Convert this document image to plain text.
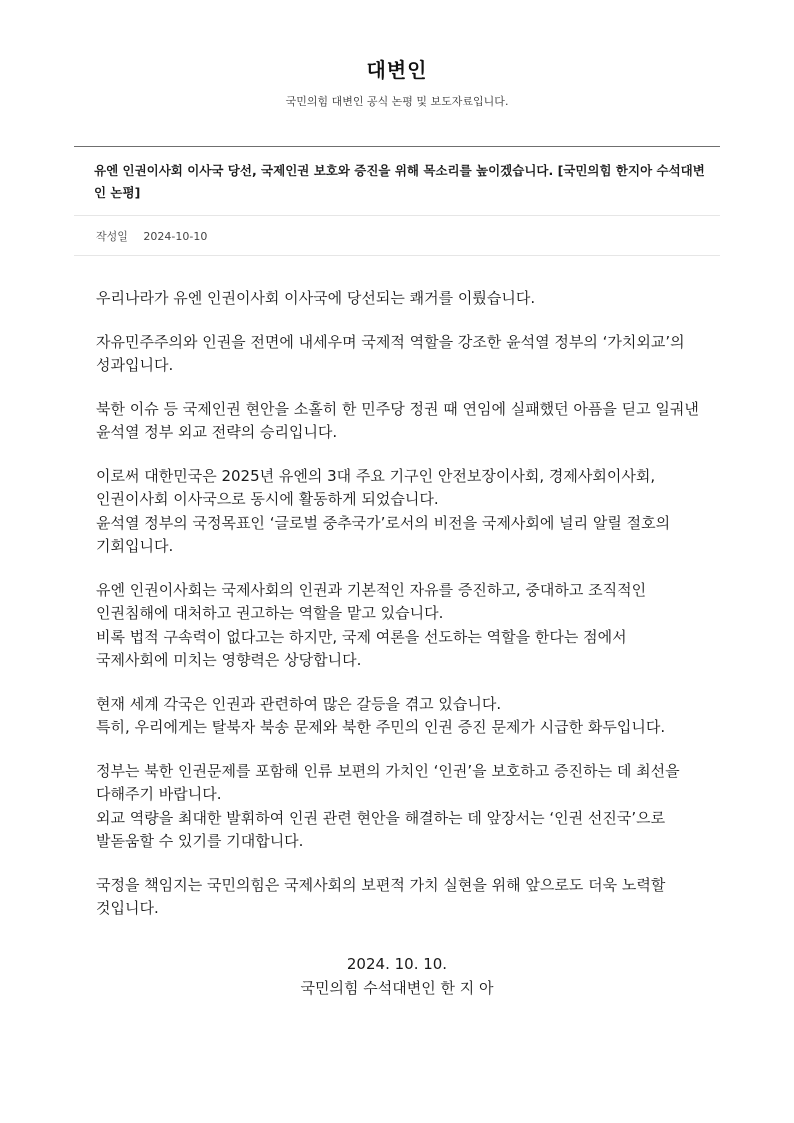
대변인
국민의힘 대변인 공식 논평 및 보도자료입니다.
유엔 인권이사회 이사국 당선, 국제인권 보호와 증진을 위해 목소리를 높이겠습니다. [국민의힘 한지아 수석대변인 논평]
작성일 2024-10-10

우리나라가 유엔 인권이사회 이사국에 당선되는 쾌거를 이뤘습니다.

자유민주주의와 인권을 전면에 내세우며 국제적 역할을 강조한 윤석열 정부의 ‘가치외교’의 성과입니다.

북한 이슈 등 국제인권 현안을 소홀히 한 민주당 정권 때 연임에 실패했던 아픔을 딛고 일궈낸 윤석열 정부 외교 전략의 승리입니다.

이로써 대한민국은 2025년 유엔의 3대 주요 기구인 안전보장이사회, 경제사회이사회, 인권이사회 이사국으로 동시에 활동하게 되었습니다.
윤석열 정부의 국정목표인 ‘글로벌 중추국가’로서의 비전을 국제사회에 널리 알릴 절호의 기회입니다.

유엔 인권이사회는 국제사회의 인권과 기본적인 자유를 증진하고, 중대하고 조직적인 인권침해에 대처하고 권고하는 역할을 맡고 있습니다.
비록 법적 구속력이 없다고는 하지만, 국제 여론을 선도하는 역할을 한다는 점에서 국제사회에 미치는 영향력은 상당합니다.

현재 세계 각국은 인권과 관련하여 많은 갈등을 겪고 있습니다.
특히, 우리에게는 탈북자 북송 문제와 북한 주민의 인권 증진 문제가 시급한 화두입니다.

정부는 북한 인권문제를 포함해 인류 보편의 가치인 ‘인권’을 보호하고 증진하는 데 최선을 다해주기 바랍니다.
외교 역량을 최대한 발휘하여 인권 관련 현안을 해결하는 데 앞장서는 ‘인권 선진국’으로 발돋움할 수 있기를 기대합니다.

국정을 책임지는 국민의힘은 국제사회의 보편적 가치 실현을 위해 앞으로도 더욱 노력할 것입니다.

2024. 10. 10.
국민의힘 수석대변인 한 지 아
